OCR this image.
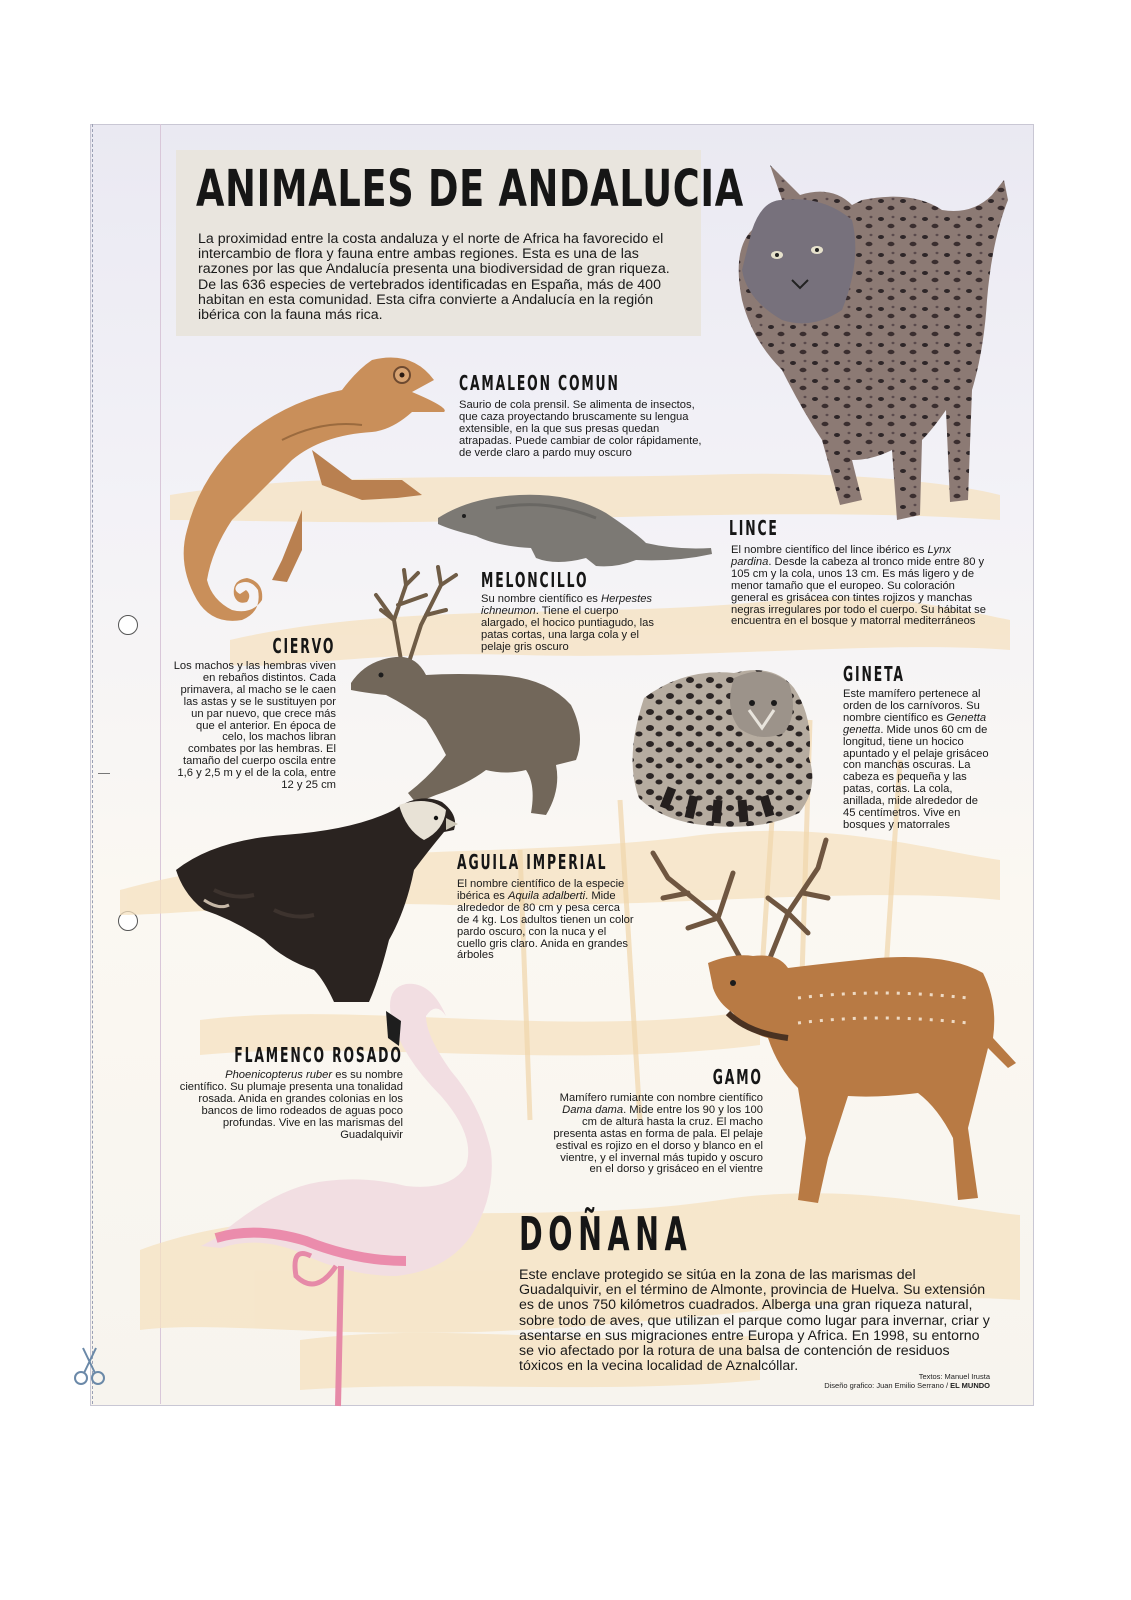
ANIMALES DE ANDALUCIA

La proximidad entre la costa andaluza y el norte de Africa ha favorecido el intercambio de flora y fauna entre ambas regiones. Esta es una de las razones por las que Andalucía presenta una biodiversidad de gran riqueza. De las 636 especies de vertebrados identificadas en España, más de 400 habitan en esta comunidad. Esta cifra convierte a Andalucía en la región ibérica con la fauna más rica.

CAMALEON COMUN

Saurio de cola prensil. Se alimenta de insectos, que caza proyectando bruscamente su lengua extensible, en la que sus presas quedan atrapadas. Puede cambiar de color rápidamente, de verde claro a pardo muy oscuro

LINCE

El nombre científico del lince ibérico es Lynx pardina. Desde la cabeza al tronco mide entre 80 y 105 cm y la cola, unos 13 cm. Es más ligero y de menor tamaño que el europeo. Su coloración general es grisácea con tintes rojizos y manchas negras irregulares por todo el cuerpo. Su hábitat se encuentra en el bosque y matorral mediterráneos

MELONCILLO

Su nombre científico es Herpestes ichneumon. Tiene el cuerpo alargado, el hocico puntiagudo, las patas cortas, una larga cola y el pelaje gris oscuro

CIERVO

Los machos y las hembras viven en rebaños distintos. Cada primavera, al macho se le caen las astas y se le sustituyen por un par nuevo, que crece más que el anterior. En época de celo, los machos libran combates por las hembras. El tamaño del cuerpo oscila entre 1,6 y 2,5 m y el de la cola, entre 12 y 25 cm

GINETA

Este mamífero pertenece al orden de los carnívoros. Su nombre científico es Genetta genetta. Mide unos 60 cm de longitud, tiene un hocico apuntado y el pelaje grisáceo con manchas oscuras. La cabeza es pequeña y las patas, cortas. La cola, anillada, mide alrededor de 45 centímetros. Vive en bosques y matorrales

AGUILA IMPERIAL

El nombre científico de la especie ibérica es Aquila adalberti. Mide alrededor de 80 cm y pesa cerca de 4 kg. Los adultos tienen un color pardo oscuro, con la nuca y el cuello gris claro. Anida en grandes árboles

FLAMENCO ROSADO

Phoenicopterus ruber es su nombre científico. Su plumaje presenta una tonalidad rosada. Anida en grandes colonias en los bancos de limo rodeados de aguas poco profundas. Vive en las marismas del Guadalquivir

GAMO

Mamífero rumiante con nombre científico Dama dama. Mide entre los 90 y los 100 cm de altura hasta la cruz. El macho presenta astas en forma de pala. El pelaje estival es rojizo en el dorso y blanco en el vientre, y el invernal más tupido y oscuro en el dorso y grisáceo en el vientre

DOÑANA

Este enclave protegido se sitúa en la zona de las marismas del Guadalquivir, en el término de Almonte, provincia de Huelva. Su extensión es de unos 750 kilómetros cuadrados. Alberga una gran riqueza natural, sobre todo de aves, que utilizan el parque como lugar para invernar, criar y asentarse en sus migraciones entre Europa y Africa. En 1998, su entorno se vio afectado por la rotura de una balsa de contención de residuos tóxicos en la vecina localidad de Aznalcóllar.

Textos: Manuel Irusta

Diseño grafico: Juan Emilio Serrano / EL MUNDO
